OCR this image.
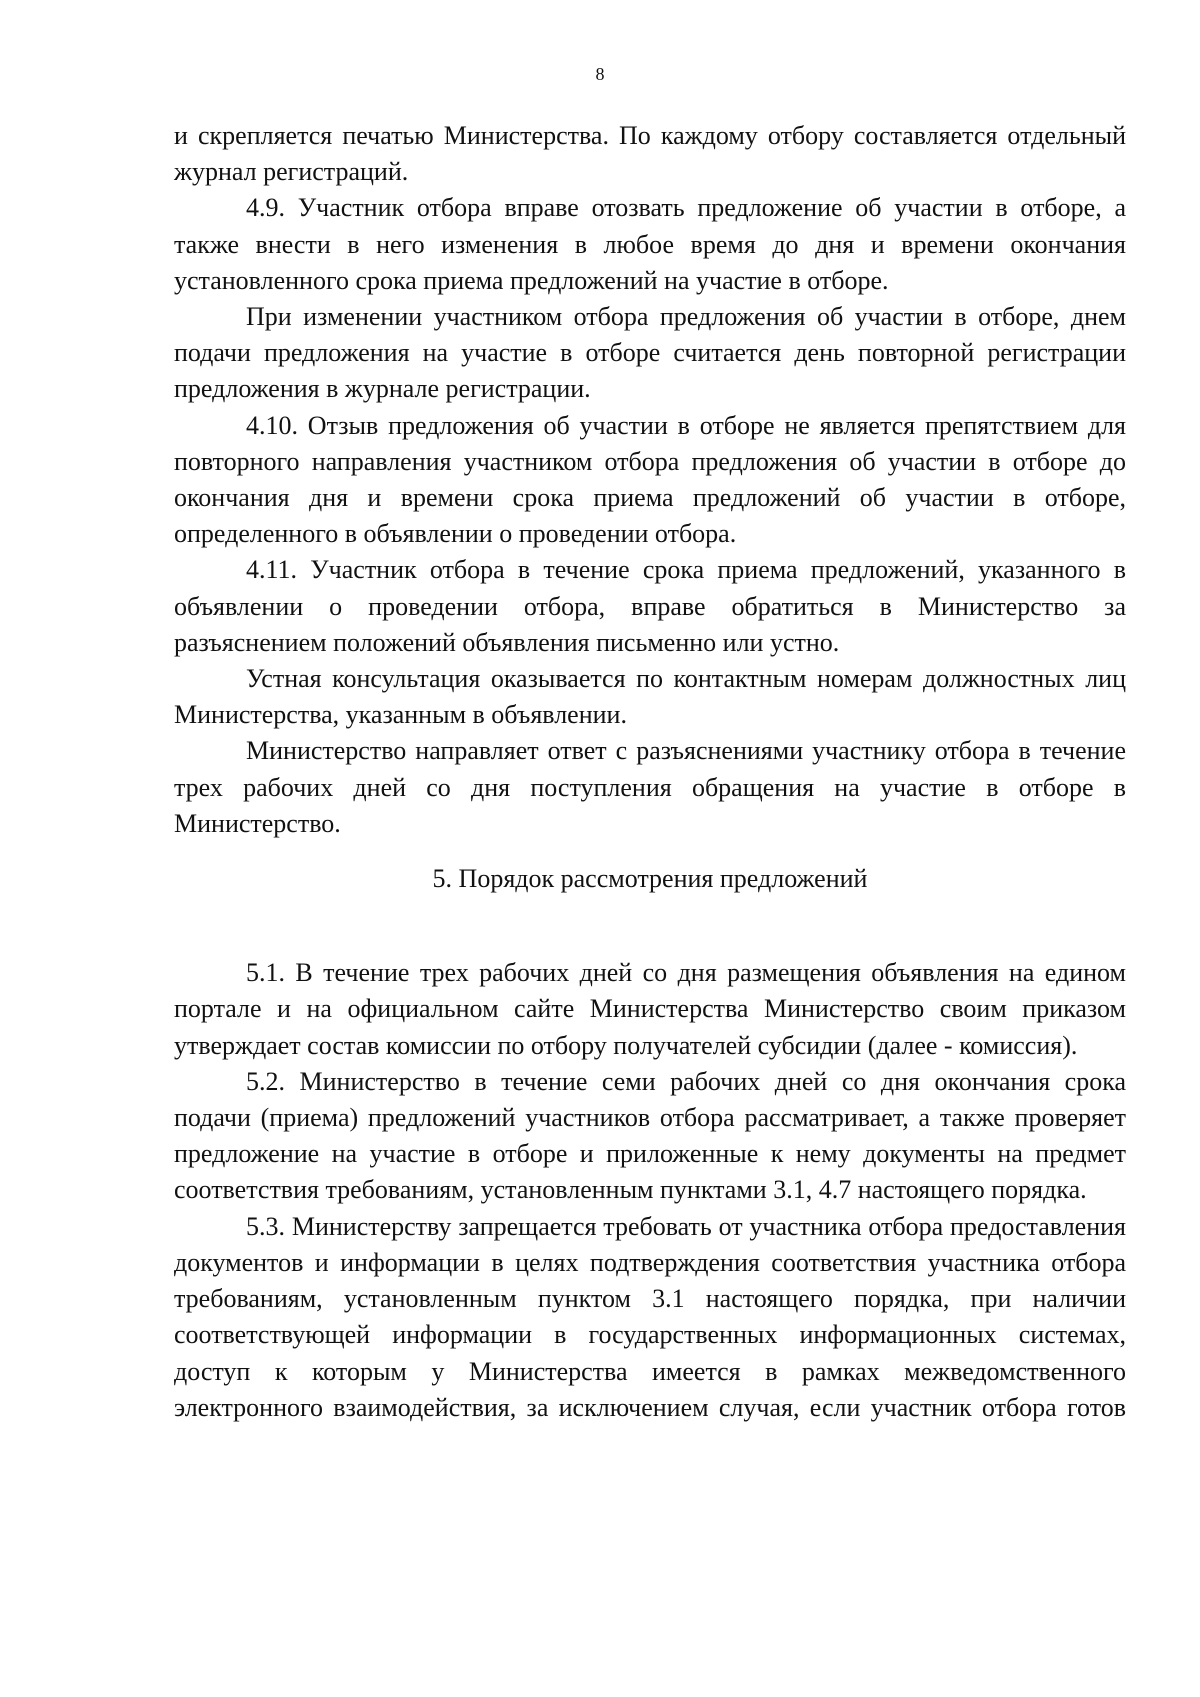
8

и скрепляется печатью Министерства. По каждому отбору составляется отдельный журнал регистраций.

4.9. Участник отбора вправе отозвать предложение об участии в отборе, а также внести в него изменения в любое время до дня и времени окончания установленного срока приема предложений на участие в отборе.

При изменении участником отбора предложения об участии в отборе, днем подачи предложения на участие в отборе считается день повторной регистрации предложения в журнале регистрации.

4.10. Отзыв предложения об участии в отборе не является препятствием для повторного направления участником отбора предложения об участии в отборе до окончания дня и времени срока приема предложений об участии в отборе, определенного в объявлении о проведении отбора.

4.11. Участник отбора в течение срока приема предложений, указанного в объявлении о проведении отбора, вправе обратиться в Министерство за разъяснением положений объявления письменно или устно.

Устная консультация оказывается по контактным номерам должностных лиц Министерства, указанным в объявлении.

Министерство направляет ответ с разъяснениями участнику отбора в течение трех рабочих дней со дня поступления обращения на участие в отборе в Министерство.

5. Порядок рассмотрения предложений

5.1. В течение трех рабочих дней со дня размещения объявления на едином портале и на официальном сайте Министерства Министерство своим приказом утверждает состав комиссии по отбору получателей субсидии (далее - комиссия).

5.2. Министерство в течение семи рабочих дней со дня окончания срока подачи (приема) предложений участников отбора рассматривает, а также проверяет предложение на участие в отборе и приложенные к нему документы на предмет соответствия требованиям, установленным пунктами 3.1, 4.7 настоящего порядка.

5.3. Министерству запрещается требовать от участника отбора предоставления документов и информации в целях подтверждения соответствия участника отбора требованиям, установленным пунктом 3.1 настоящего порядка, при наличии соответствующей информации в государственных информационных системах, доступ к которым у Министерства имеется в рамках межведомственного электронного взаимодействия, за исключением случая, если участник отбора готов
